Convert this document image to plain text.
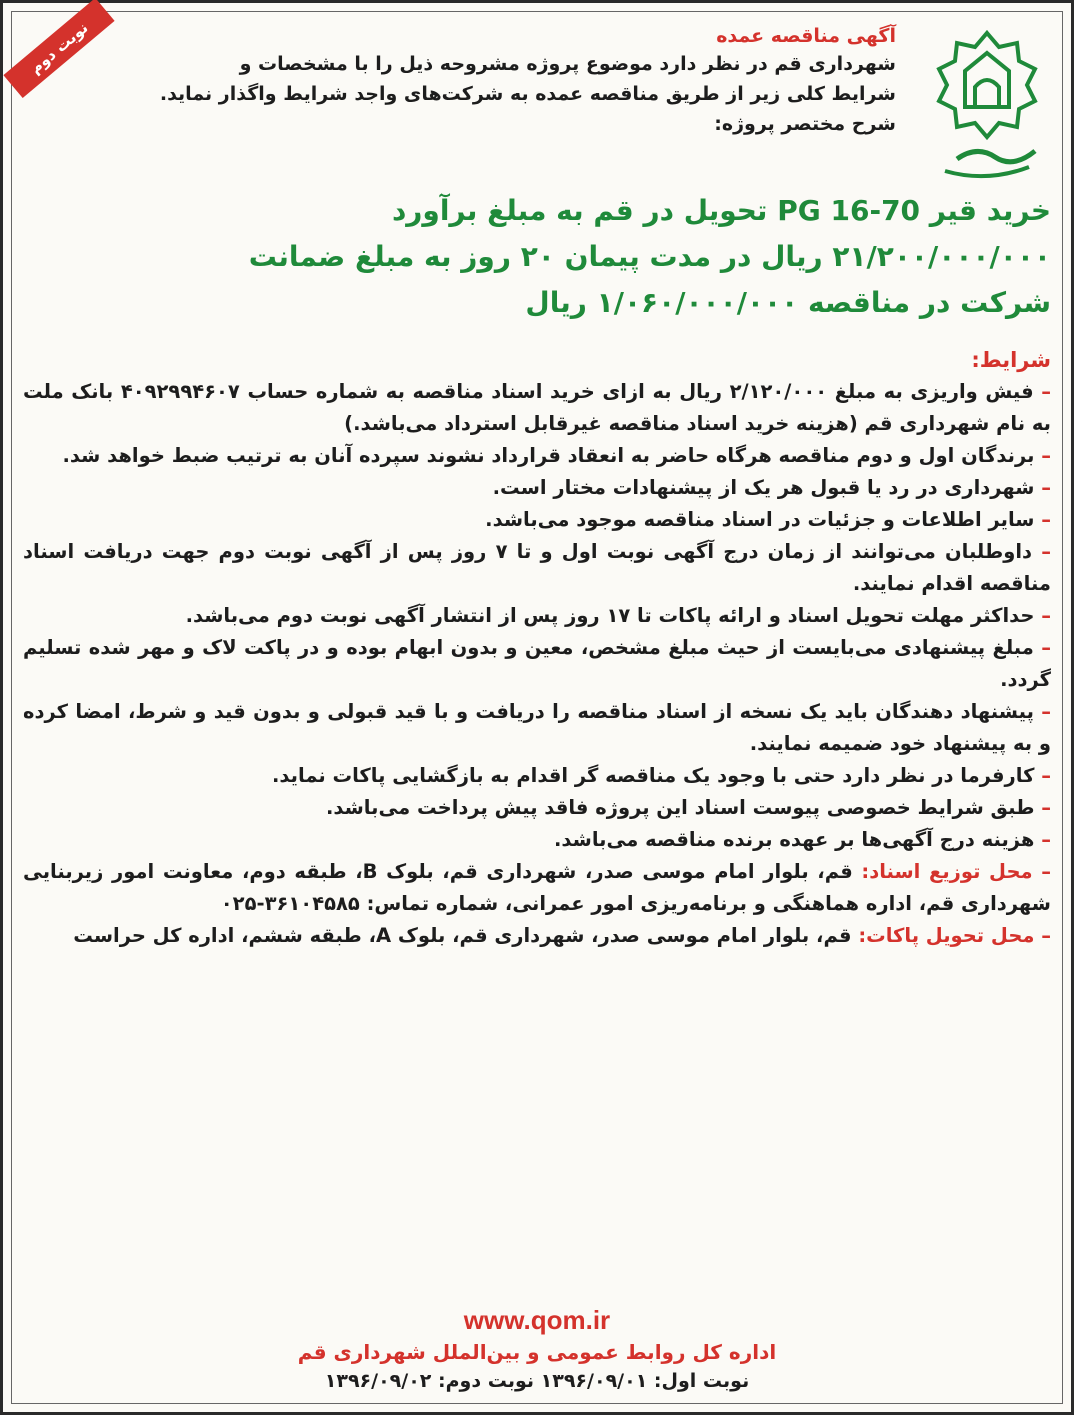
نوبت دوم	آگهی مناقصه عمده
شهرداری قم در نظر دارد موضوع پروژه مشروحه ذیل را با مشخصات و
شرایط کلی زیر از طریق مناقصه عمده به شرکت‌های واجد شرایط واگذار نماید.
شرح مختصر پروژه:
خرید قیر 70-16 PG تحویل در قم به مبلغ برآورد
۲۱/۲۰۰/۰۰۰/۰۰۰ ریال در مدت پیمان ۲۰ روز به مبلغ ضمانت
شرکت در مناقصه ۱/۰۶۰/۰۰۰/۰۰۰ ریال
شرایط:

– فیش واریزی به مبلغ ۲/۱۲۰/۰۰۰ ریال به ازای خرید اسناد مناقصه به شماره حساب ۴۰۹۲۹۹۴۶۰۷ بانک ملت به نام شهرداری قم (هزینه خرید اسناد مناقصه غیرقابل استرداد می‌باشد.)

– برندگان اول و دوم مناقصه هرگاه حاضر به انعقاد قرارداد نشوند سپرده آنان به ترتیب ضبط خواهد شد.

– شهرداری در رد یا قبول هر یک از پیشنهادات مختار است.

– سایر اطلاعات و جزئیات در اسناد مناقصه موجود می‌باشد.

– داوطلبان می‌توانند از زمان درج آگهی نوبت اول و تا ۷ روز پس از آگهی نوبت دوم جهت دریافت اسناد مناقصه اقدام نمایند.

– حداکثر مهلت تحویل اسناد و ارائه پاکات تا ۱۷ روز پس از انتشار آگهی نوبت دوم می‌باشد.

– مبلغ پیشنهادی می‌بایست از حیث مبلغ مشخص، معین و بدون ابهام بوده و در پاکت لاک و مهر شده تسلیم گردد.

– پیشنهاد دهندگان باید یک نسخه از اسناد مناقصه را دریافت و با قید قبولی و بدون قید و شرط، امضا کرده و به پیشنهاد خود ضمیمه نمایند.

– کارفرما در نظر دارد حتی با وجود یک مناقصه گر اقدام به بازگشایی پاکات نماید.

– طبق شرایط خصوصی پیوست اسناد این پروژه فاقد پیش پرداخت می‌باشد.

– هزینه درج آگهی‌ها بر عهده برنده مناقصه می‌باشد.

– محل توزیع اسناد: قم، بلوار امام موسی صدر، شهرداری قم، بلوک B، طبقه دوم، معاونت امور زیربنایی شهرداری قم، اداره هماهنگی و برنامه‌ریزی امور عمرانی، شماره تماس: ۳۶۱۰۴۵۸۵-۰۲۵

– محل تحویل پاکات: قم، بلوار امام موسی صدر، شهرداری قم، بلوک A، طبقه ششم، اداره کل حراست

www.qom.ir
اداره کل روابط عمومی و بین‌الملل شهرداری قم
نوبت اول: ۱۳۹۶/۰۹/۰۱ نوبت دوم: ۱۳۹۶/۰۹/۰۲
